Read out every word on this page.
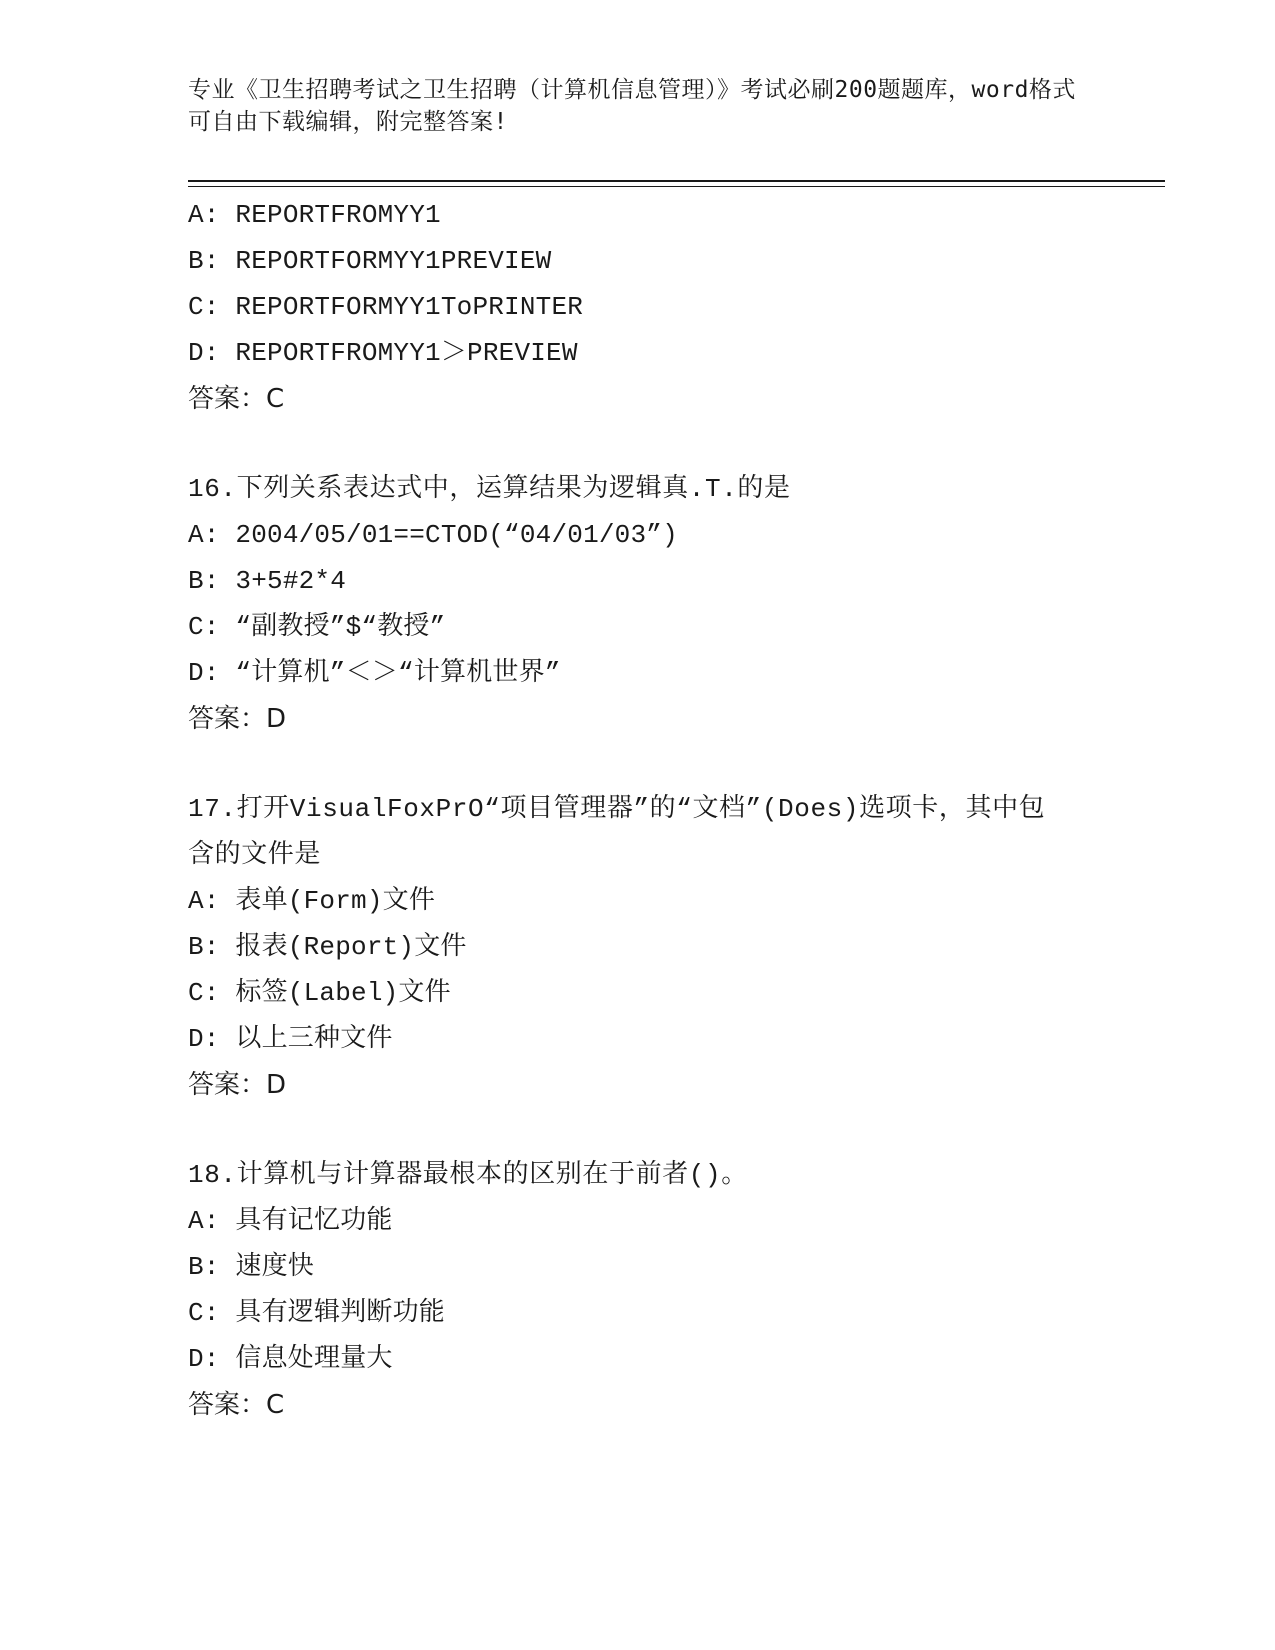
专业《卫生招聘考试之卫生招聘（计算机信息管理）》考试必刷200题题库，word格式可自由下载编辑，附完整答案!
A: REPORTFROMYY1
B: REPORTFORMYY1PREVIEW
C: REPORTFORMYY1ToPRINTER
D: REPORTFROMYY1＞PREVIEW
答案：C
16.下列关系表达式中，运算结果为逻辑真.T.的是
A: 2004/05/01==CTOD(“04/01/03”)
B: 3+5#2*4
C: “副教授”$“教授”
D: “计算机”＜＞“计算机世界”
答案：D
17.打开VisualFoxPrO“项目管理器”的“文档”(Does)选项卡，其中包含的文件是
A: 表单(Form)文件
B: 报表(Report)文件
C: 标签(Label)文件
D: 以上三种文件
答案：D
18.计算机与计算器最根本的区别在于前者()。
A: 具有记忆功能
B: 速度快
C: 具有逻辑判断功能
D: 信息处理量大
答案：C
